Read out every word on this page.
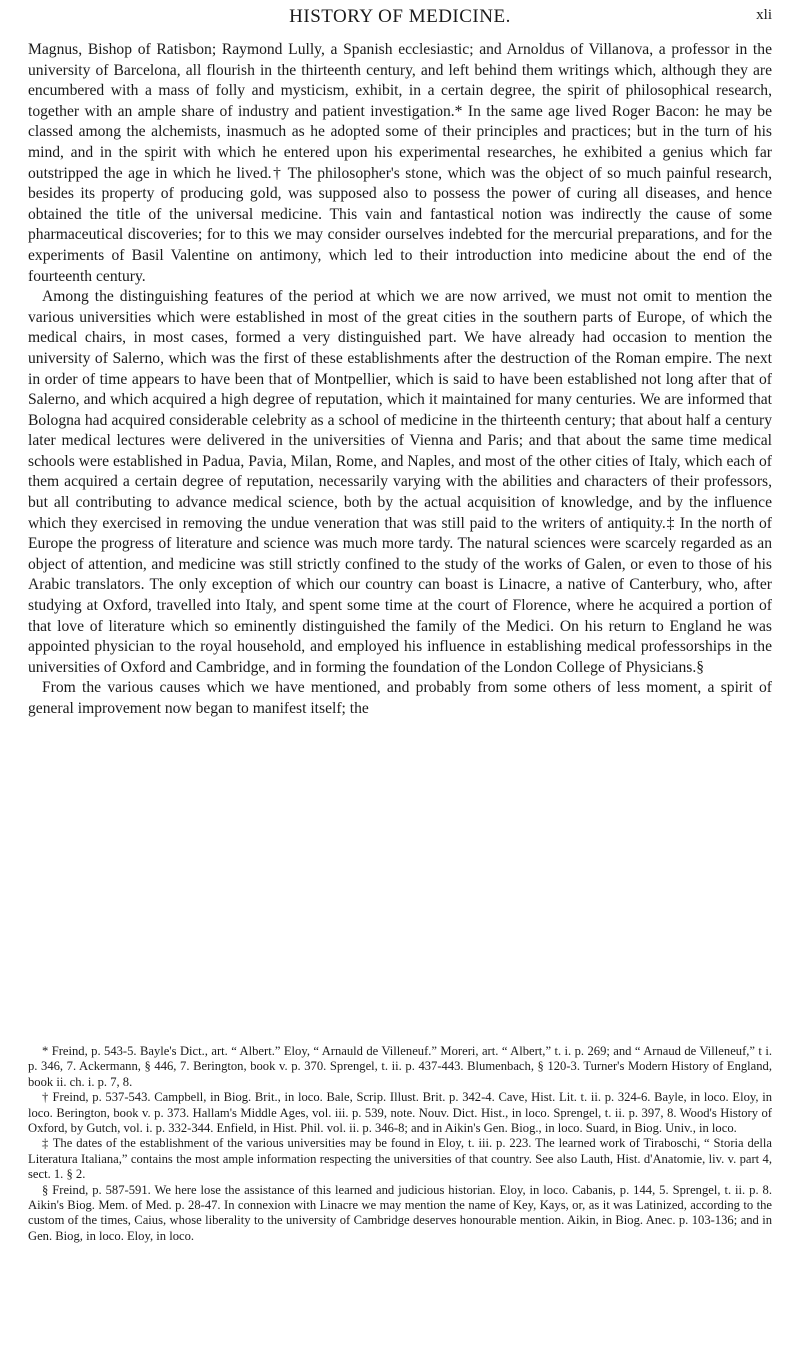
HISTORY OF MEDICINE.	xli

Magnus, Bishop of Ratisbon; Raymond Lully, a Spanish ecclesiastic; and Arnoldus of Villanova, a professor in the university of Barcelona, all flourish in the thirteenth century, and left behind them writings which, although they are encumbered with a mass of folly and mysticism, exhibit, in a certain degree, the spirit of philosophical research, together with an ample share of industry and patient investigation.* In the same age lived Roger Bacon: he may be classed among the alchemists, inasmuch as he adopted some of their principles and practices; but in the turn of his mind, and in the spirit with which he entered upon his experimental researches, he exhibited a genius which far outstripped the age in which he lived.† The philosopher's stone, which was the object of so much painful research, besides its property of producing gold, was supposed also to possess the power of curing all diseases, and hence obtained the title of the universal medicine. This vain and fantastical notion was indirectly the cause of some pharmaceutical discoveries; for to this we may consider ourselves indebted for the mercurial preparations, and for the experiments of Basil Valentine on antimony, which led to their introduction into medicine about the end of the fourteenth century.

Among the distinguishing features of the period at which we are now arrived, we must not omit to mention the various universities which were established in most of the great cities in the southern parts of Europe, of which the medical chairs, in most cases, formed a very distinguished part. We have already had occasion to mention the university of Salerno, which was the first of these establishments after the destruction of the Roman empire. The next in order of time appears to have been that of Montpellier, which is said to have been established not long after that of Salerno, and which acquired a high degree of reputation, which it maintained for many centuries. We are informed that Bologna had acquired considerable celebrity as a school of medicine in the thirteenth century; that about half a century later medical lectures were delivered in the universities of Vienna and Paris; and that about the same time medical schools were established in Padua, Pavia, Milan, Rome, and Naples, and most of the other cities of Italy, which each of them acquired a certain degree of reputation, necessarily varying with the abilities and characters of their professors, but all contributing to advance medical science, both by the actual acquisition of knowledge, and by the influence which they exercised in removing the undue veneration that was still paid to the writers of antiquity.‡ In the north of Europe the progress of literature and science was much more tardy. The natural sciences were scarcely regarded as an object of attention, and medicine was still strictly confined to the study of the works of Galen, or even to those of his Arabic translators. The only exception of which our country can boast is Linacre, a native of Canterbury, who, after studying at Oxford, travelled into Italy, and spent some time at the court of Florence, where he acquired a portion of that love of literature which so eminently distinguished the family of the Medici. On his return to England he was appointed physician to the royal household, and employed his influence in establishing medical professorships in the universities of Oxford and Cambridge, and in forming the foundation of the London College of Physicians.§

From the various causes which we have mentioned, and probably from some others of less moment, a spirit of general improvement now began to manifest itself; the

* Freind, p. 543-5. Bayle's Dict., art. “ Albert.” Eloy, “ Arnauld de Villeneuf.” Moreri, art. “ Albert,” t. i. p. 269; and “ Arnaud de Villeneuf,” t i. p. 346, 7. Ackermann, § 446, 7. Berington, book v. p. 370. Sprengel, t. ii. p. 437-443. Blumenbach, § 120-3. Turner's Modern History of England, book ii. ch. i. p. 7, 8.

† Freind, p. 537-543. Campbell, in Biog. Brit., in loco. Bale, Scrip. Illust. Brit. p. 342-4. Cave, Hist. Lit. t. ii. p. 324-6. Bayle, in loco. Eloy, in loco. Berington, book v. p. 373. Hallam's Middle Ages, vol. iii. p. 539, note. Nouv. Dict. Hist., in loco. Sprengel, t. ii. p. 397, 8. Wood's History of Oxford, by Gutch, vol. i. p. 332-344. Enfield, in Hist. Phil. vol. ii. p. 346-8; and in Aikin's Gen. Biog., in loco. Suard, in Biog. Univ., in loco.

‡ The dates of the establishment of the various universities may be found in Eloy, t. iii. p. 223. The learned work of Tiraboschi, “ Storia della Literatura Italiana,” contains the most ample information respecting the universities of that country. See also Lauth, Hist. d'Anatomie, liv. v. part 4, sect. 1. § 2.

§ Freind, p. 587-591. We here lose the assistance of this learned and judicious historian. Eloy, in loco. Cabanis, p. 144, 5. Sprengel, t. ii. p. 8. Aikin's Biog. Mem. of Med. p. 28-47. In connexion with Linacre we may mention the name of Key, Kays, or, as it was Latinized, according to the custom of the times, Caius, whose liberality to the university of Cambridge deserves honourable mention. Aikin, in Biog. Anec. p. 103-136; and in Gen. Biog, in loco. Eloy, in loco.
